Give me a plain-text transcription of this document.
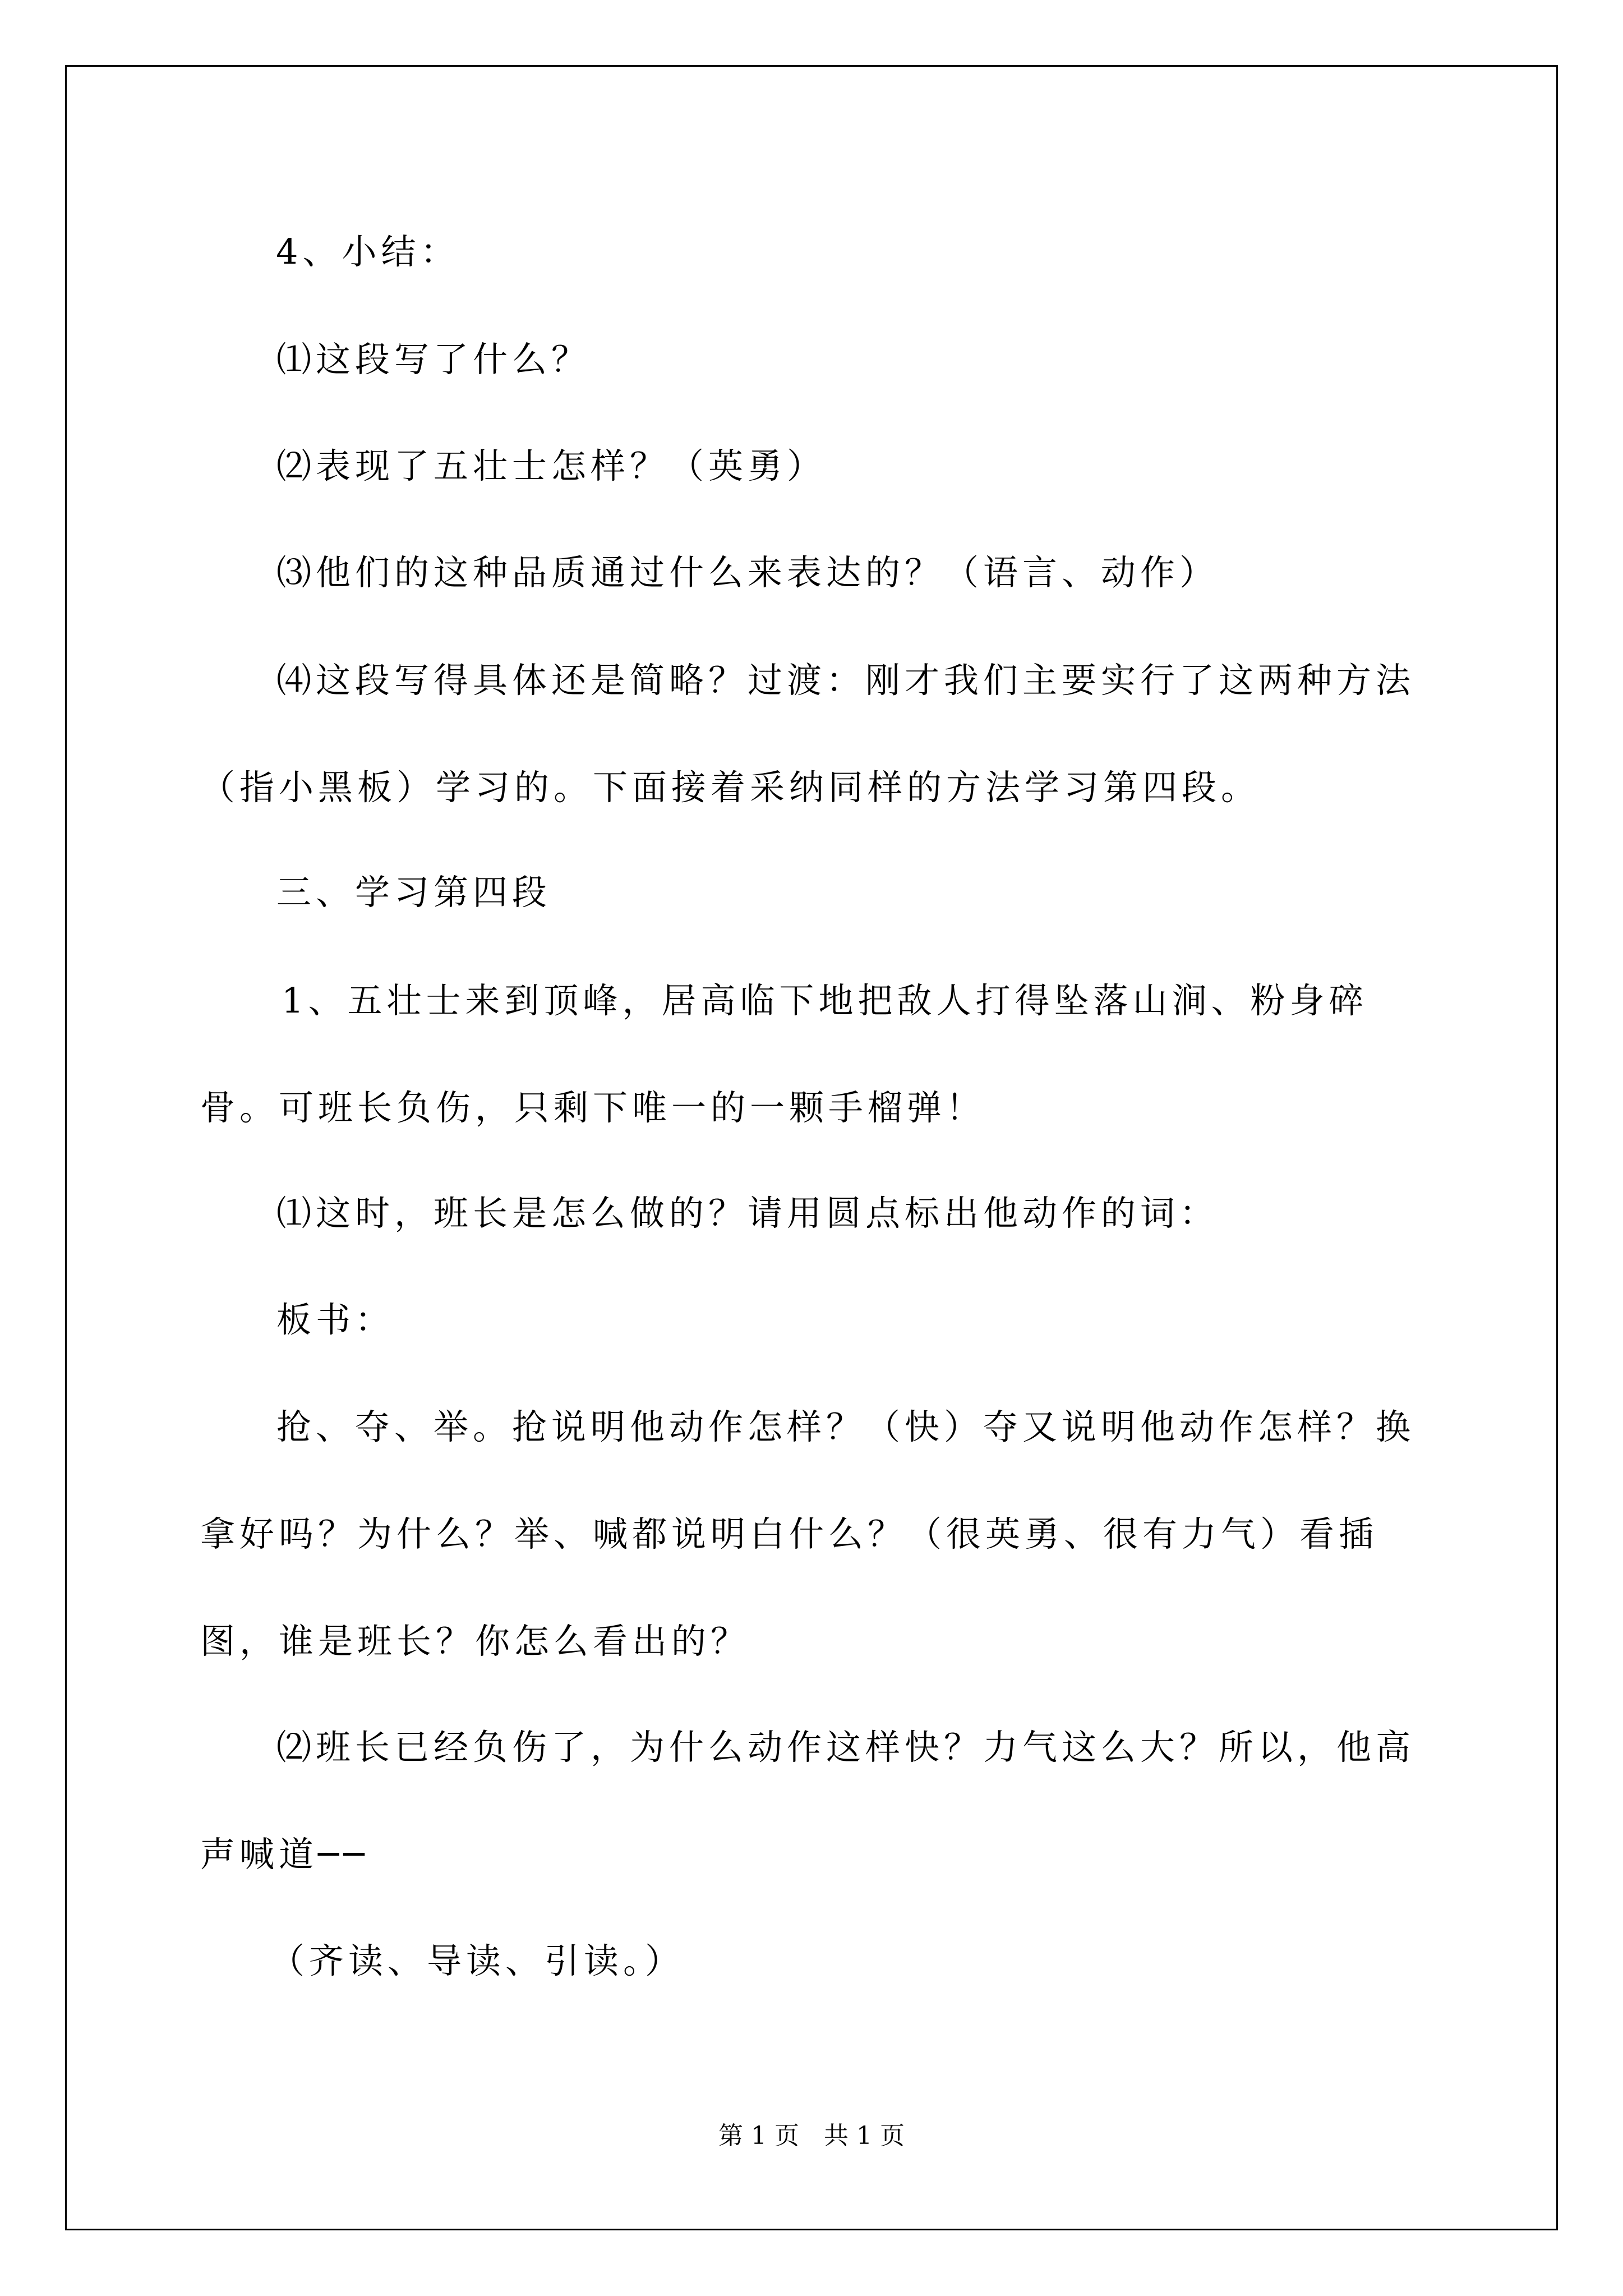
4、小结：

⑴这段写了什么？

⑵表现了五壮士怎样？（英勇）

⑶他们的这种品质通过什么来表达的？（语言、动作）

⑷这段写得具体还是简略？过渡：刚才我们主要实行了这两种方法（指小黑板）学习的。下面接着采纳同样的方法学习第四段。

三、学习第四段

1、五壮士来到顶峰，居高临下地把敌人打得坠落山涧、粉身碎骨。可班长负伤，只剩下唯一的一颗手榴弹！

⑴这时，班长是怎么做的？请用圆点标出他动作的词：

板书：

抢、夺、举。抢说明他动作怎样？（快）夺又说明他动作怎样？换拿好吗？为什么？举、喊都说明白什么？（很英勇、很有力气）看插图，谁是班长？你怎么看出的？

⑵班长已经负伤了，为什么动作这样快？力气这么大？所以，他高声喊道──

（齐读、导读、引读。）

第 1 页　共 1 页
